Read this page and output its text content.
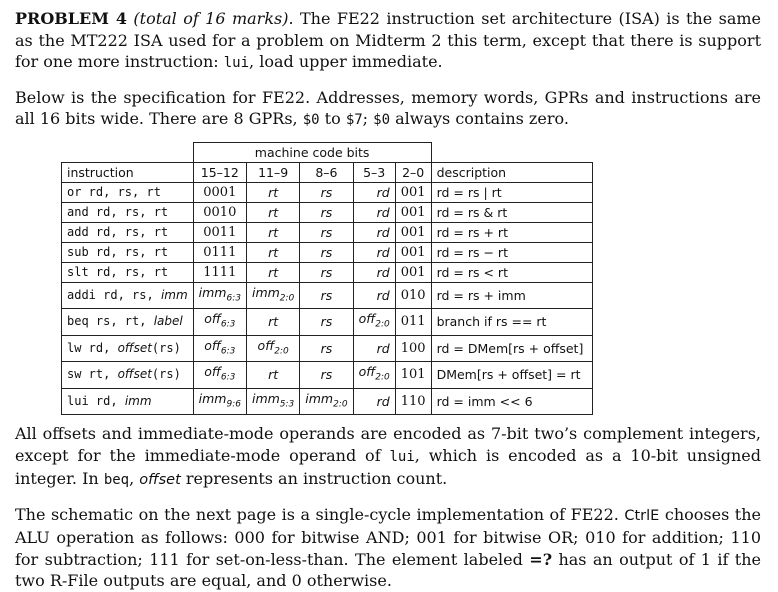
PROBLEM 4 (total of 16 marks). The FE22 instruction set architecture (ISA) is the same as the MT222 ISA used for a problem on Midterm 2 this term, except that there is support for one more instruction: lui, load upper immediate.

Below is the specification for FE22. Addresses, memory words, GPRs and instructions are all 16 bits wide. There are 8 GPRs, $0 to $7; $0 always contains zero.

	machine code bits					
instruction	15–12	11–9	8–6	5–3	2–0	description
or rd, rs, rt	0001	rt	rs	rd	001	rd = rs | rt
and rd, rs, rt	0010	rt	rs	rd	001	rd = rs & rt
add rd, rs, rt	0011	rt	rs	rd	001	rd = rs + rt
sub rd, rs, rt	0111	rt	rs	rd	001	rd = rs − rt
slt rd, rs, rt	1111	rt	rs	rd	001	rd = rs < rt
addi rd, rs, imm	imm$_{6:3}$	imm$_{2:0}$	rs	rd	010	rd = rs + imm
beq rs, rt, label	off$_{6:3}$	rt	rs	off$_{2:0}$	011	branch if rs == rt
lw rd, offset(rs)	off$_{6:3}$	off$_{2:0}$	rs	rd	100	rd = DMem[rs + offset]
sw rt, offset(rs)	off$_{6:3}$	rt	rs	off$_{2:0}$	101	DMem[rs + offset] = rt
lui rd, imm	imm$_{9:6}$	imm$_{5:3}$	imm$_{2:0}$	rd	110	rd = imm << 6

All offsets and immediate-mode operands are encoded as 7-bit two’s complement integers, except for the immediate-mode operand of lui, which is encoded as a 10-bit unsigned integer. In beq, offset represents an instruction count.

The schematic on the next page is a single-cycle implementation of FE22. CtrlE chooses the ALU operation as follows: 000 for bitwise AND; 001 for bitwise OR; 010 for addition; 110 for subtraction; 111 for set-on-less-than. The element labeled =? has an output of 1 if the two R-File outputs are equal, and 0 otherwise.
